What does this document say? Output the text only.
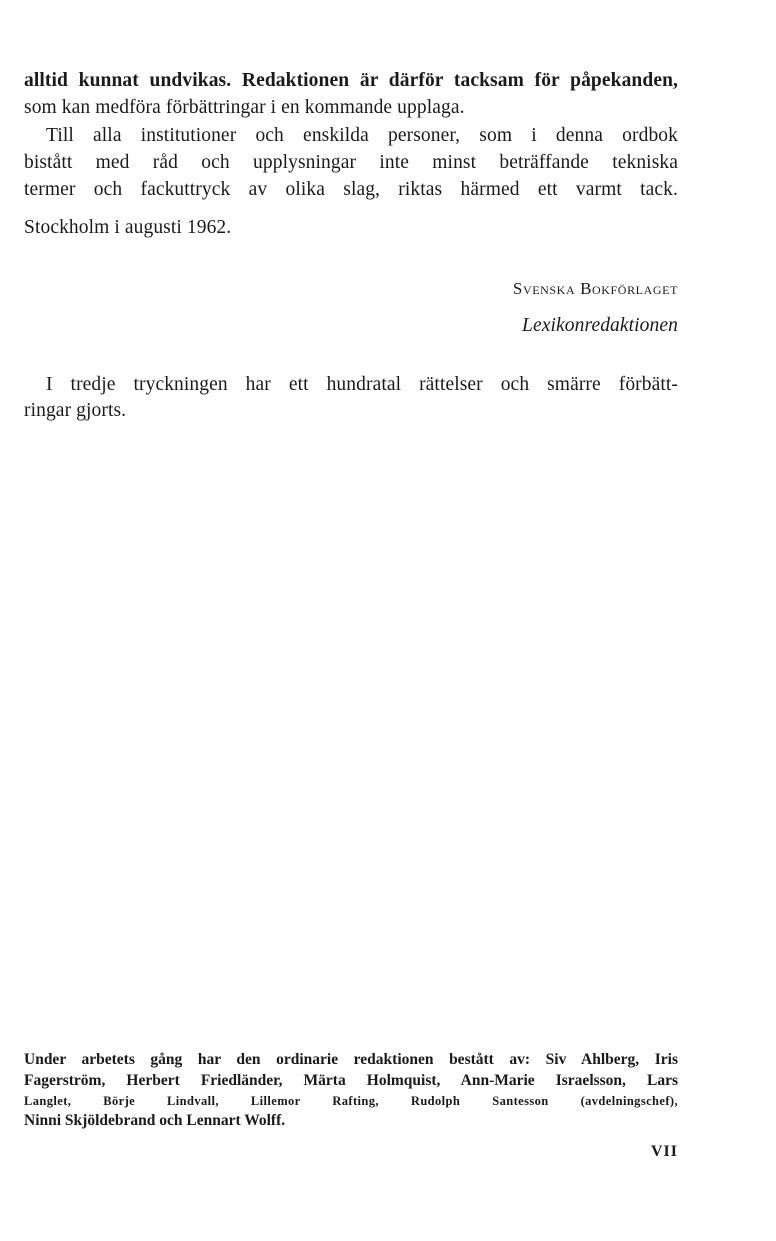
alltid kunnat undvikas. Redaktionen är därför tacksam för påpekanden,
som kan medföra förbättringar i en kommande upplaga.
Till alla institutioner och enskilda personer, som i denna ordbok
bistått med råd och upplysningar inte minst beträffande tekniska
termer och fackuttryck av olika slag, riktas härmed ett varmt tack.
Stockholm i augusti 1962.
Svenska Bokförlaget
Lexikonredaktionen
I tredje tryckningen har ett hundratal rättelser och smärre förbätt-
ringar gjorts.
Under arbetets gång har den ordinarie redaktionen bestått av: Siv Ahlberg, Iris
Fagerström, Herbert Friedländer, Märta Holmquist, Ann-Marie Israelsson, Lars
Langlet, Börje Lindvall, Lillemor Rafting, Rudolph Santesson (avdelningschef),
Ninni Skjöldebrand och Lennart Wolff.
VII
